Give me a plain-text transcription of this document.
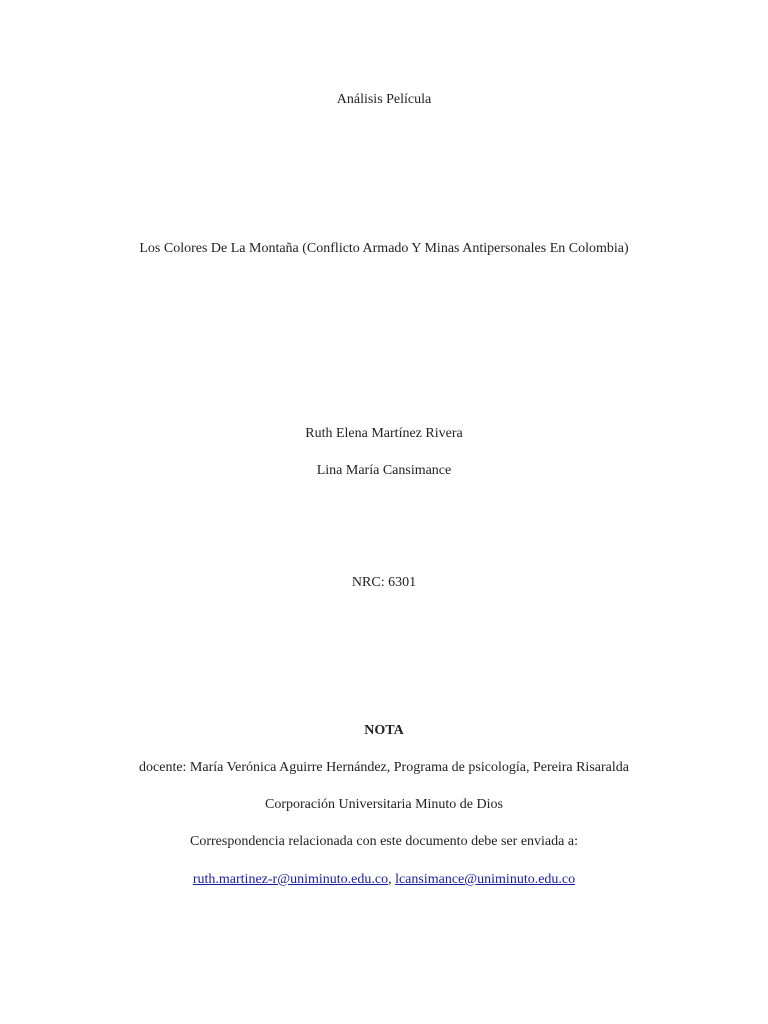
Análisis Película
Los Colores De La Montaña (Conflicto Armado Y Minas Antipersonales En Colombia)
Ruth Elena Martínez Rivera
Lina María Cansimance
NRC: 6301
NOTA
docente: María Verónica Aguirre Hernández, Programa de psicología, Pereira Risaralda
Corporación Universitaria Minuto de Dios
Correspondencia relacionada con este documento debe ser enviada a:
ruth.martinez-r@uniminuto.edu.co, lcansimance@uniminuto.edu.co
